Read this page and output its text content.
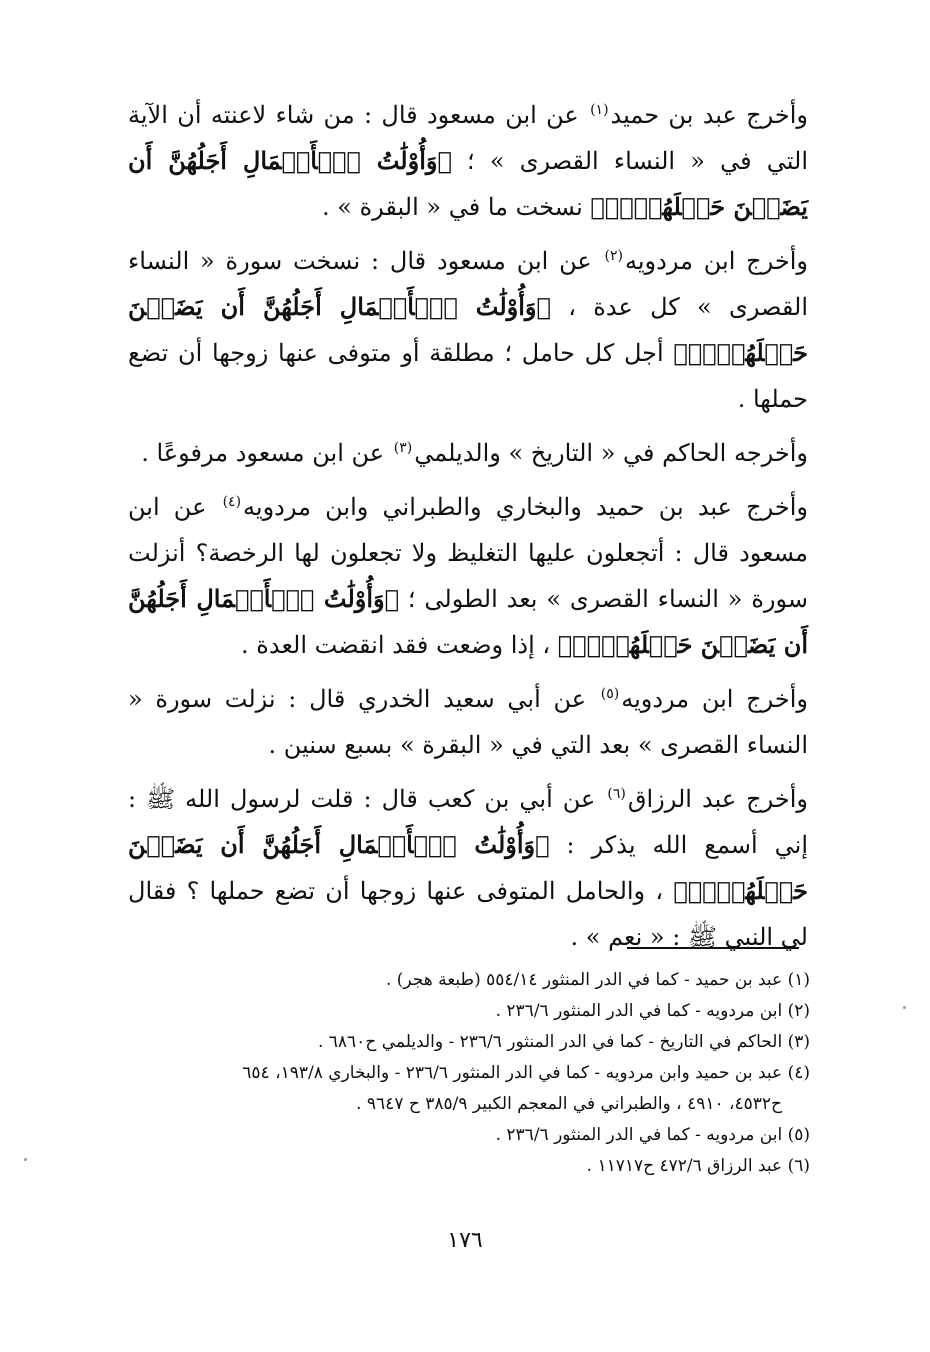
وأخرج عبد بن حميد$^{(١)}$ عن ابن مسعود قال : من شاء لاعنته أن الآية التي في « النساء القصرى » ؛ ﴿وَأُوْلَٰتُ ٱلۡأَحۡمَالِ أَجَلُهُنَّ أَن يَضَعۡنَ حَمۡلَهُنَّۚ﴾ نسخت ما في « البقرة » .

وأخرج ابن مردويه$^{(٢)}$ عن ابن مسعود قال : نسخت سورة « النساء القصرى » كل عدة ، ﴿وَأُوْلَٰتُ ٱلۡأَحۡمَالِ أَجَلُهُنَّ أَن يَضَعۡنَ حَمۡلَهُنَّۚ﴾ أجل كل حامل ؛ مطلقة أو متوفى عنها زوجها أن تضع حملها .

وأخرجه الحاكم في « التاريخ » والديلمي$^{(٣)}$ عن ابن مسعود مرفوعًا .

وأخرج عبد بن حميد والبخاري والطبراني وابن مردويه$^{(٤)}$ عن ابن مسعود قال : أتجعلون عليها التغليظ ولا تجعلون لها الرخصة؟ أنزلت سورة « النساء القصرى » بعد الطولى ؛ ﴿وَأُوْلَٰتُ ٱلۡأَحۡمَالِ أَجَلُهُنَّ أَن يَضَعۡنَ حَمۡلَهُنَّۚ﴾ ، إذا وضعت فقد انقضت العدة .

وأخرج ابن مردويه$^{(٥)}$ عن أبي سعيد الخدري قال : نزلت سورة « النساء القصرى » بعد التي في « البقرة » بسبع سنين .

وأخرج عبد الرزاق$^{(٦)}$ عن أبي بن كعب قال : قلت لرسول الله ﷺ : إني أسمع الله يذكر : ﴿وَأُوْلَٰتُ ٱلۡأَحۡمَالِ أَجَلُهُنَّ أَن يَضَعۡنَ حَمۡلَهُنَّۚ﴾ ، والحامل المتوفى عنها زوجها أن تضع حملها ؟ فقال لي النبي ﷺ : « نعم » .

(١) عبد بن حميد - كما في الدر المنثور ٥٥٤/١٤ (طبعة هجر) .

(٢) ابن مردويه - كما في الدر المنثور ٢٣٦/٦ .

(٣) الحاكم في التاريخ - كما في الدر المنثور ٢٣٦/٦ - والديلمي ح٦٨٦٠ .

(٤) عبد بن حميد وابن مردويه - كما في الدر المنثور ٢٣٦/٦ - والبخاري ١٩٣/٨، ٦٥٤

ح٤٥٣٢، ٤٩١٠ ، والطبراني في المعجم الكبير ٣٨٥/٩ ح ٩٦٤٧ .

(٥) ابن مردويه - كما في الدر المنثور ٢٣٦/٦ .

(٦) عبد الرزاق ٤٧٢/٦ ح١١٧١٧ .

١٧٦
